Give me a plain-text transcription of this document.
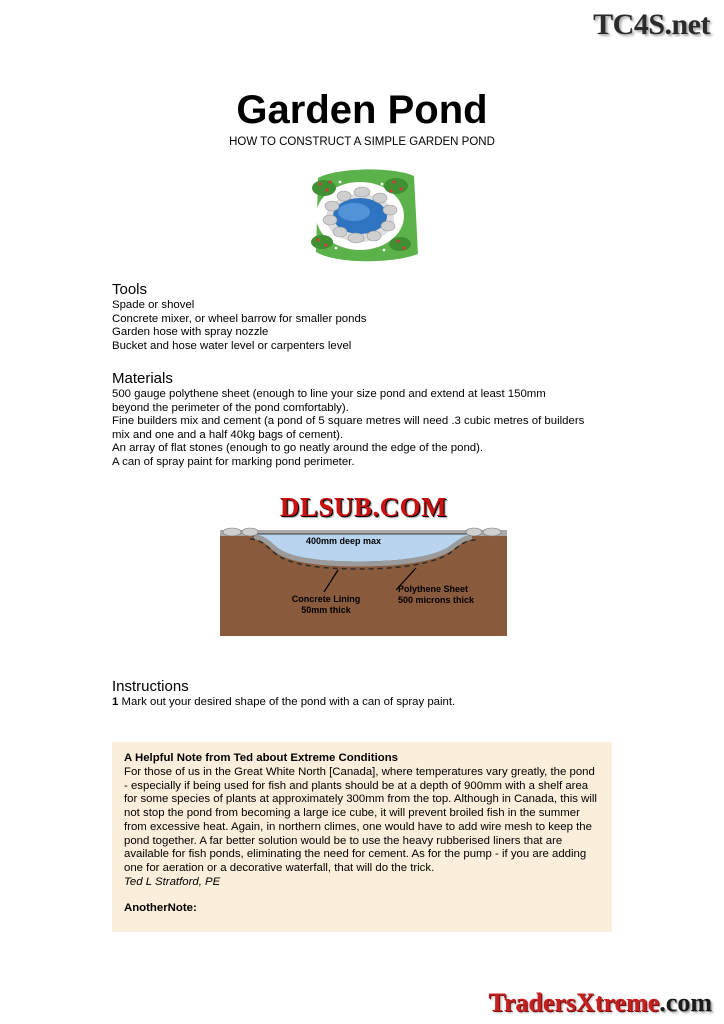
TC4S.net
Garden Pond
HOW TO CONSTRUCT A SIMPLE GARDEN POND
Tools

Spade or shovel

Concrete mixer, or wheel barrow for smaller ponds

Garden hose with spray nozzle

Bucket and hose water level or carpenters level

Materials

500 gauge polythene sheet (enough to line your size pond and extend at least 150mm

beyond the perimeter of the pond comfortably).

Fine builders mix and cement (a pond of 5 square metres will need .3 cubic metres of builders

mix and one and a half 40kg bags of cement).

An array of flat stones (enough to go neatly around the edge of the pond).

A can of spray paint for marking pond perimeter.

400mm deep max
Polythene Sheet
500 microns thick
Concrete Lining
50mm thick
DLSUB.COM
Instructions

1 Mark out your desired shape of the pond with a can of spray paint.

A Helpful Note from Ted about Extreme Conditions

For those of us in the Great White North [Canada], where temperatures vary greatly, the pond - especially if being used for fish and plants should be at a depth of 900mm with a shelf area for some species of plants at approximately 300mm from the top. Although in Canada, this will not stop the pond from becoming a large ice cube, it will prevent broiled fish in the summer from excessive heat. Again, in northern climes, one would have to add wire mesh to keep the pond together. A far better solution would be to use the heavy rubberised liners that are available for fish ponds, eliminating the need for cement. As for the pump - if you are adding one for aeration or a decorative waterfall, that will do the trick.

Ted L Stratford, PE

AnotherNote:

TradersXtreme.com
